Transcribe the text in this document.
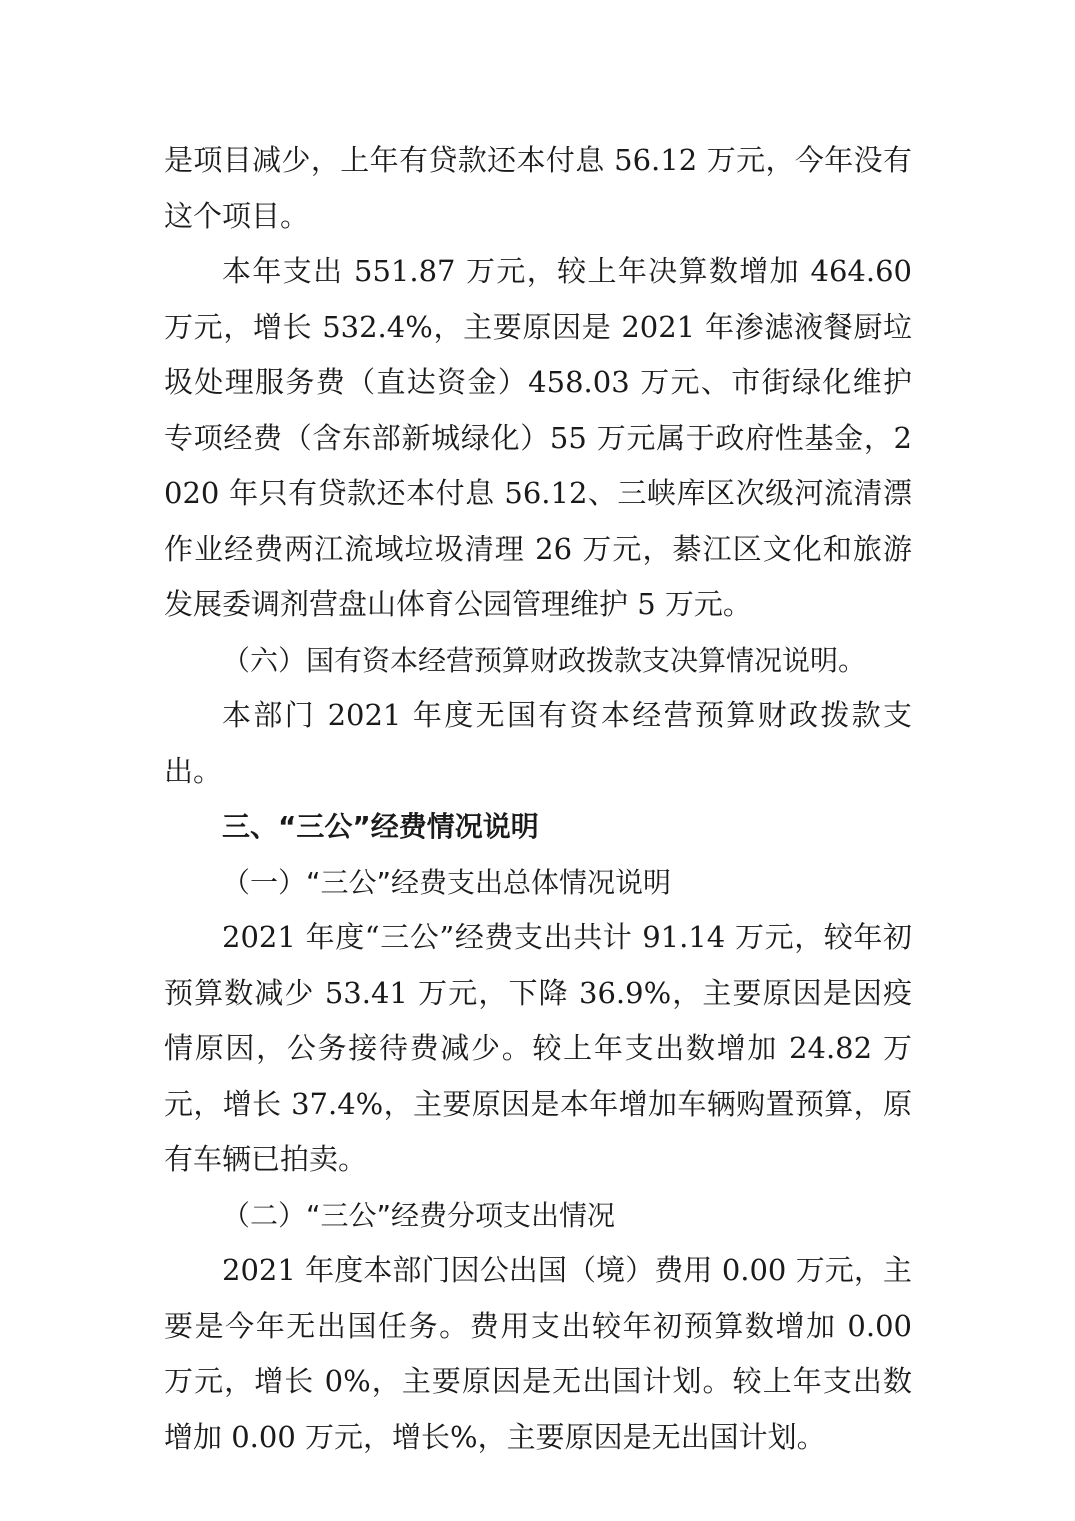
是项目减少，上年有贷款还本付息 56.12 万元，今年没有这个项目。

本年支出 551.87 万元，较上年决算数增加 464.60 万元，增长 532.4%，主要原因是 2021 年渗滤液餐厨垃圾处理服务费（直达资金）458.03 万元、市街绿化维护专项经费（含东部新城绿化）55 万元属于政府性基金，2020 年只有贷款还本付息 56.12、三峡库区次级河流清漂作业经费两江流域垃圾清理 26 万元，綦江区文化和旅游发展委调剂营盘山体育公园管理维护 5 万元。

（六）国有资本经营预算财政拨款支决算情况说明。

本部门 2021 年度无国有资本经营预算财政拨款支出。

三、“三公”经费情况说明

（一）“三公”经费支出总体情况说明

2021 年度“三公”经费支出共计 91.14 万元，较年初预算数减少 53.41 万元，下降 36.9%，主要原因是因疫情原因，公务接待费减少。较上年支出数增加 24.82 万元，增长 37.4%，主要原因是本年增加车辆购置预算，原有车辆已拍卖。

（二）“三公”经费分项支出情况

2021 年度本部门因公出国（境）费用 0.00 万元，主要是今年无出国任务。费用支出较年初预算数增加 0.00 万元，增长 0%，主要原因是无出国计划。较上年支出数增加 0.00 万元，增长%，主要原因是无出国计划。
